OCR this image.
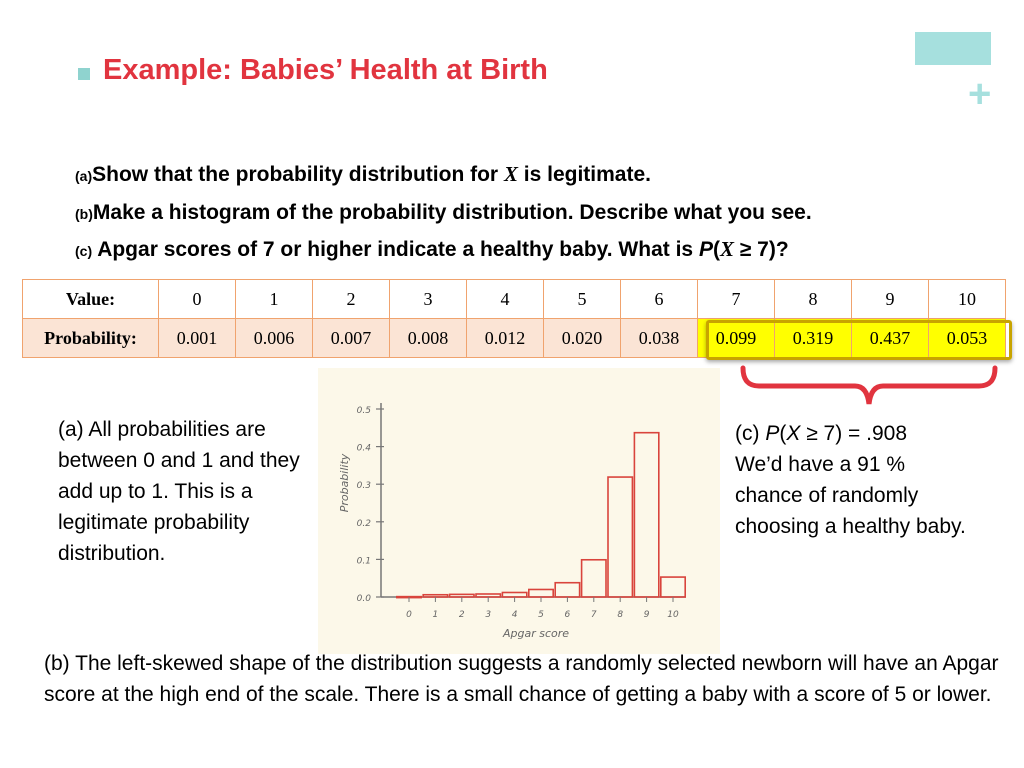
+
Example: Babies’ Health at Birth
(a)Show that the probability distribution for X is legitimate.
(b)Make a histogram of the probability distribution. Describe what you see.
(c) Apgar scores of 7 or higher indicate a healthy baby. What is P(X ≥ 7)?
Value:	0	1	2	3	4	5	6	7	8	9	10
Probability:	0.001	0.006	0.007	0.008	0.012	0.020	0.038	0.099	0.319	0.437	0.053
0.0
0.1
0.2
0.3
0.4
0.5
0 1 2 3 4 5 6 7 8 9 10
Apgar score
Probability
(a) All probabilities are between 0 and 1 and they add up to 1. This is a legitimate probability distribution.
(c) P(X ≥ 7) = .908
We’d have a 91 % chance of randomly choosing a healthy baby.
(b) The left-skewed shape of the distribution suggests a randomly selected newborn will have an Apgar score at the high end of the scale. There is a small chance of getting a baby with a score of 5 or lower.
